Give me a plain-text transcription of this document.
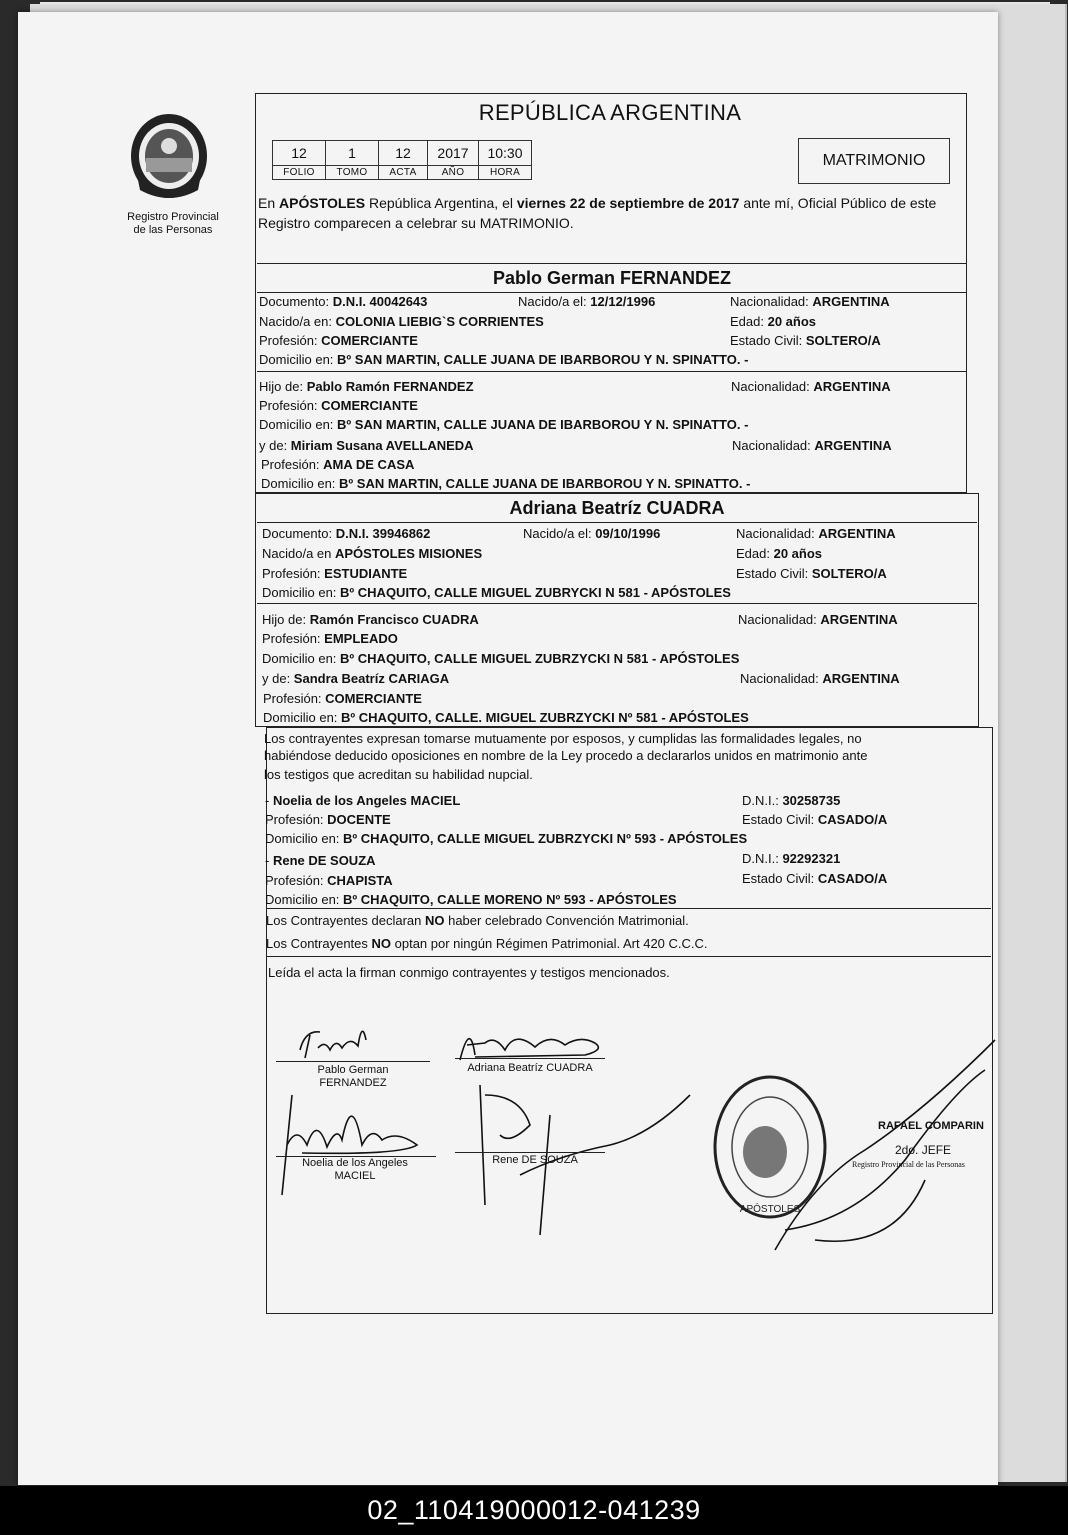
Registro Provincial
de las Personas
REPÚBLICA ARGENTINA
12	1	12	2017	10:30
FOLIO	TOMO	ACTA	AÑO	HORA
MATRIMONIO
En APÓSTOLES República Argentina, el viernes 22 de septiembre de 2017 ante mí, Oficial Público de este Registro comparecen a celebrar su MATRIMONIO.
Pablo German FERNANDEZ
Documento: D.N.I. 40042643	Nacido/a el: 12/12/1996	Nacionalidad: ARGENTINA
Nacido/a en: COLONIA LIEBIG`S CORRIENTES	Edad: 20 años
Profesión: COMERCIANTE	Estado Civil: SOLTERO/A
Domicilio en: Bº SAN MARTIN, CALLE JUANA DE IBARBOROU Y N. SPINATTO. -
Hijo de: Pablo Ramón FERNANDEZ	Nacionalidad: ARGENTINA
Profesión: COMERCIANTE
Domicilio en: Bº SAN MARTIN, CALLE JUANA DE IBARBOROU Y N. SPINATTO. -
y de: Miriam Susana AVELLANEDA	Nacionalidad: ARGENTINA
Profesión: AMA DE CASA
Domicilio en: Bº SAN MARTIN, CALLE JUANA DE IBARBOROU Y N. SPINATTO. -
Adriana Beatríz CUADRA
Documento: D.N.I. 39946862	Nacido/a el: 09/10/1996	Nacionalidad: ARGENTINA
Nacido/a en APÓSTOLES MISIONES	Edad: 20 años
Profesión: ESTUDIANTE	Estado Civil: SOLTERO/A
Domicilio en: Bº CHAQUITO, CALLE MIGUEL ZUBRYCKI N 581 - APÓSTOLES
Hijo de: Ramón Francisco CUADRA	Nacionalidad: ARGENTINA
Profesión: EMPLEADO
Domicilio en: Bº CHAQUITO, CALLE MIGUEL ZUBRZYCKI N 581 - APÓSTOLES
y de: Sandra Beatríz CARIAGA	Nacionalidad: ARGENTINA
Profesión: COMERCIANTE
Domicilio en: Bº CHAQUITO, CALLE. MIGUEL ZUBRZYCKI Nº 581 - APÓSTOLES
Los contrayentes expresan tomarse mutuamente por esposos, y cumplidas las formalidades legales, no
habiéndose deducido oposiciones en nombre de la Ley procedo a declararlos unidos en matrimonio ante
los testigos que acreditan su habilidad nupcial.
- Noelia de los Angeles MACIEL	D.N.I.: 30258735
Profesión: DOCENTE	Estado Civil: CASADO/A
Domicilio en: Bº CHAQUITO, CALLE MIGUEL ZUBRZYCKI Nº 593 - APÓSTOLES
- Rene DE SOUZA	D.N.I.: 92292321
Profesión: CHAPISTA	Estado Civil: CASADO/A
Domicilio en: Bº CHAQUITO, CALLE MORENO Nº 593 - APÓSTOLES
Los Contrayentes declaran NO haber celebrado Convención Matrimonial.
Los Contrayentes NO optan por ningún Régimen Patrimonial. Art 420 C.C.C.
Leída el acta la firman conmigo contrayentes y testigos mencionados.
Pablo German
FERNANDEZ
Adriana Beatríz CUADRA
Noelia de los Angeles
MACIEL
Rene DE SOUZA
APÓSTOLES
RAFAEL COMPARIN
2do. JEFE
Registro Provincial de las Personas
02_110419000012-041239
